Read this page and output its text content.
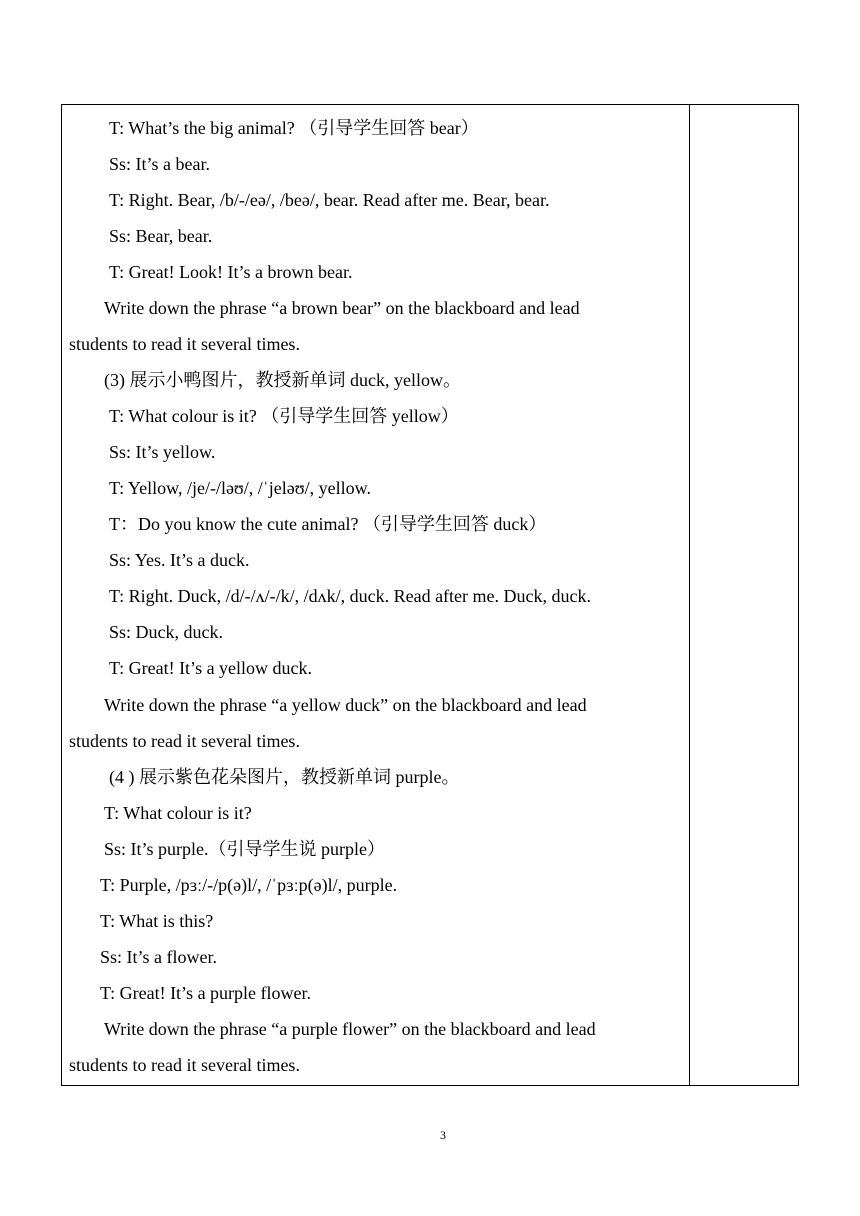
T: What’s the big animal? （引导学生回答 bear）
Ss: It’s a bear.
T: Right. Bear, /b/-/eə/, /beə/, bear. Read after me. Bear, bear.
Ss: Bear, bear.
T: Great! Look! It’s a brown bear.
Write down the phrase “a brown bear” on the blackboard and lead
students to read it several times.
(3) 展示小鸭图片，教授新单词 duck, yellow。
T: What colour is it? （引导学生回答 yellow）
Ss: It’s yellow.
T: Yellow, /je/-/ləʊ/, /ˈjeləʊ/, yellow.
T：Do you know the cute animal? （引导学生回答 duck）
Ss: Yes. It’s a duck.
T: Right. Duck, /d/-/ʌ/-/k/, /dʌk/, duck. Read after me. Duck, duck.
Ss: Duck, duck.
T: Great! It’s a yellow duck.
Write down the phrase “a yellow duck” on the blackboard and lead
students to read it several times.
(4 ) 展示紫色花朵图片，教授新单词 purple。
T: What colour is it?
Ss: It’s purple.（引导学生说 purple）
T: Purple, /pɜː/-/p(ə)l/, /ˈpɜːp(ə)l/, purple.
T: What is this?
Ss: It’s a flower.
T: Great! It’s a purple flower.
Write down the phrase “a purple flower” on the blackboard and lead
students to read it several times.
3
